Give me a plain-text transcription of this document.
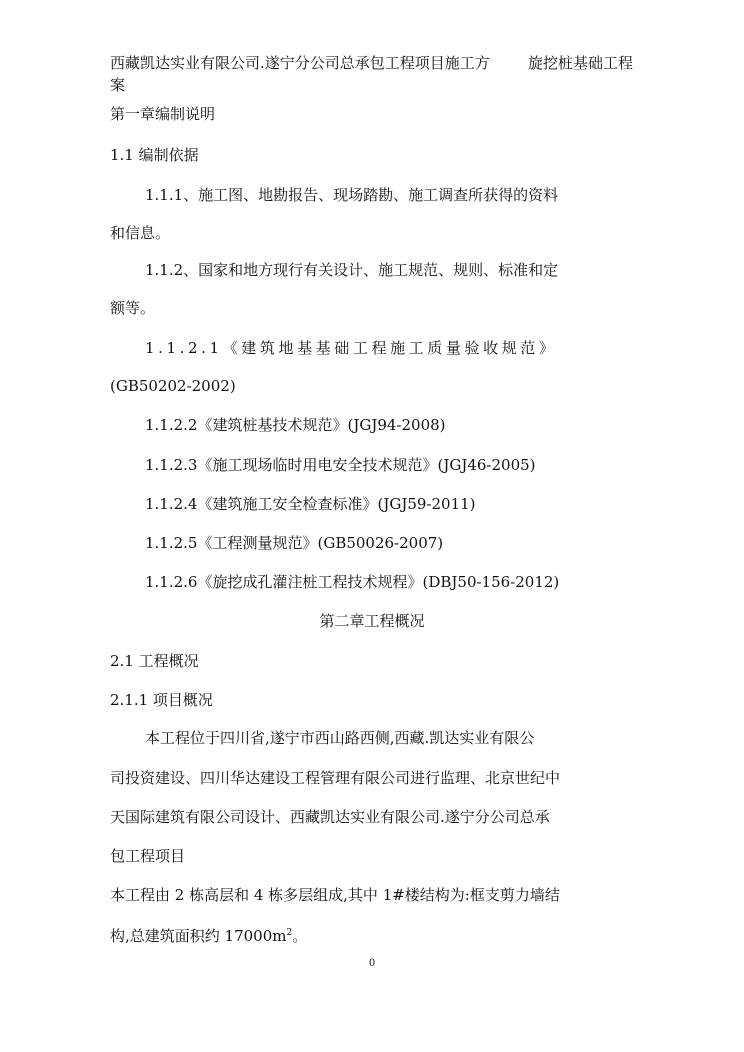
西藏凯达实业有限公司.遂宁分公司总承包工程项目施工方案
旋挖桩基础工程
第一章编制说明
1.1 编制依据
1.1.1、施工图、地勘报告、现场踏勘、施工调查所获得的资料
和信息。
1.1.2、国家和地方现行有关设计、施工规范、规则、标准和定
额等。
1.1.2.1《建筑地基基础工程施工质量验收规范》
(GB50202-2002)
1.1.2.2《建筑桩基技术规范》(JGJ94-2008)
1.1.2.3《施工现场临时用电安全技术规范》(JGJ46-2005)
1.1.2.4《建筑施工安全检查标准》(JGJ59-2011)
1.1.2.5《工程测量规范》(GB50026-2007)
1.1.2.6《旋挖成孔灌注桩工程技术规程》(DBJ50-156-2012)
第二章工程概况
2.1 工程概况
2.1.1 项目概况
本工程位于四川省,遂宁市西山路西侧,西藏.凯达实业有限公
司投资建设、四川华达建设工程管理有限公司进行监理、北京世纪中
天国际建筑有限公司设计、西藏凯达实业有限公司.遂宁分公司总承
包工程项目
本工程由 2 栋高层和 4 栋多层组成,其中 1#楼结构为:框支剪力墙结
构,总建筑面积约 $17000m^2$。
0
